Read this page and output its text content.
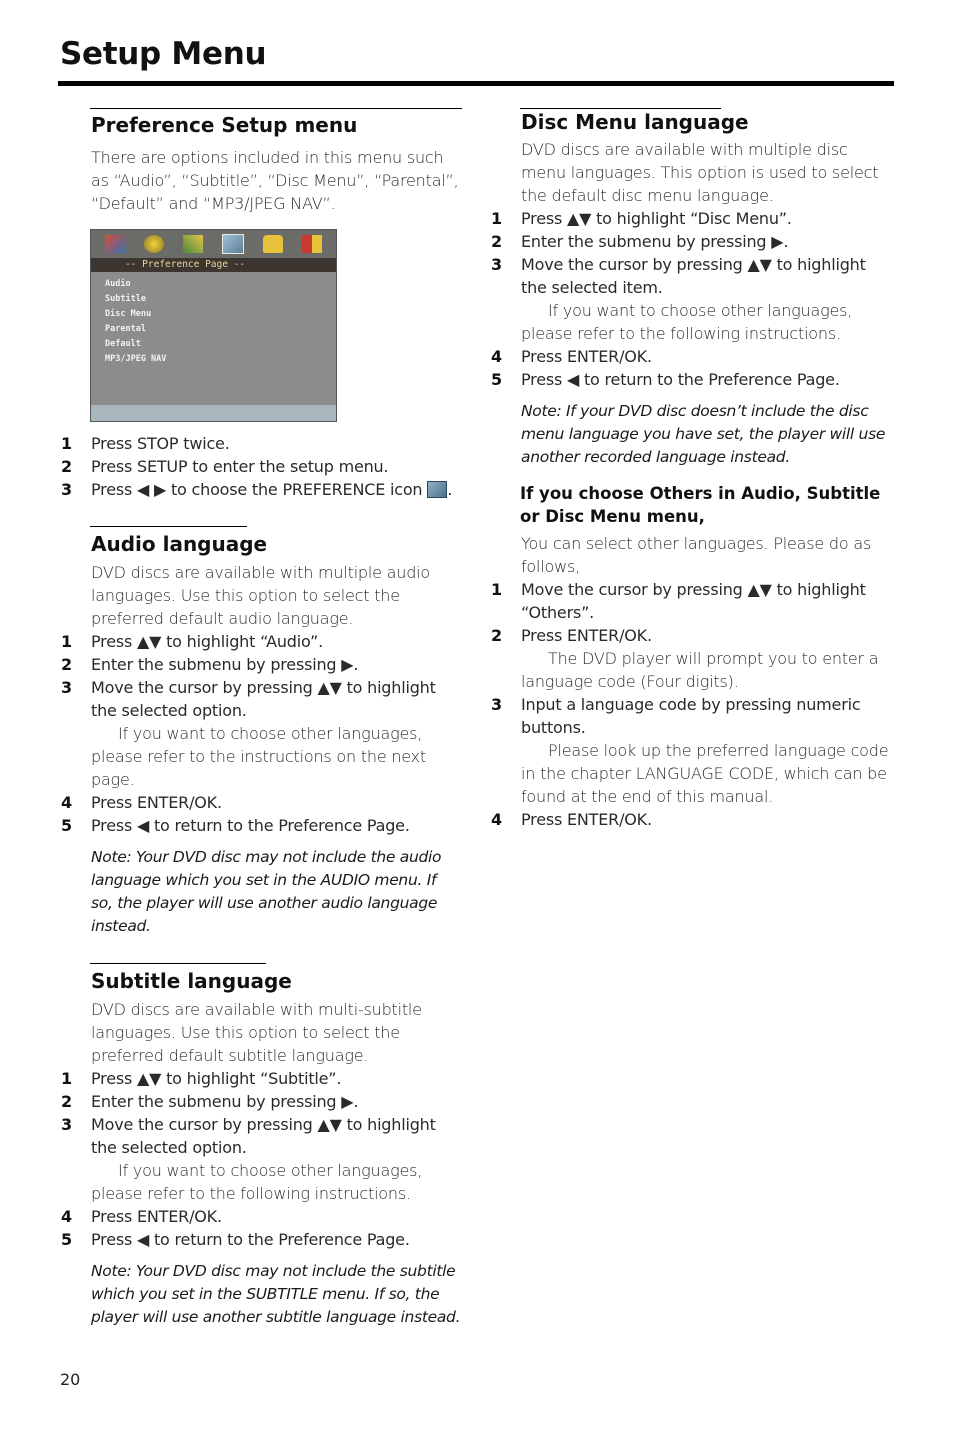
Setup Menu
Preference Setup menu

There are options included in this menu such as “Audio”, “Subtitle”, “Disc Menu”, “Parental”, “Default” and “MP3/JPEG NAV”.

-- Preference Page --
Audio
Subtitle
Disc Menu
Parental
Default
MP3/JPEG NAV
1	Press STOP twice.
2	Press SETUP to enter the setup menu.
3	Press ◀ ▶ to choose the PREFERENCE icon .
Audio language

DVD discs are available with multiple audio languages. Use this option to select the preferred default audio language.

1	Press ▲▼ to highlight “Audio”.
2	Enter the submenu by pressing ▶.
3	Move the cursor by pressing ▲▼ to highlight the selected option.

If you want to choose other languages, please refer to the instructions on the next page.

4	Press ENTER/OK.
5	Press ◀ to return to the Preference Page.

Note: Your DVD disc may not include the audio language which you set in the AUDIO menu. If so, the player will use another audio language instead.

Subtitle language

DVD discs are available with multi-subtitle languages. Use this option to select the preferred default subtitle language.

1	Press ▲▼ to highlight “Subtitle”.
2	Enter the submenu by pressing ▶.
3	Move the cursor by pressing ▲▼ to highlight the selected option.

If you want to choose other languages, please refer to the following instructions.

4	Press ENTER/OK.
5	Press ◀ to return to the Preference Page.

Note: Your DVD disc may not include the subtitle which you set in the SUBTITLE menu. If so, the player will use another subtitle language instead.

Disc Menu language

DVD discs are available with multiple disc menu languages. This option is used to select the default disc menu language.

1	Press ▲▼ to highlight “Disc Menu”.
2	Enter the submenu by pressing ▶.
3	Move the cursor by pressing ▲▼ to highlight the selected item.

If you want to choose other languages, please refer to the following instructions.

4	Press ENTER/OK.
5	Press ◀ to return to the Preference Page.

Note: If your DVD disc doesn’t include the disc menu language you have set, the player will use another recorded language instead.

If you choose Others in Audio, Subtitle or Disc Menu menu,

You can select other languages. Please do as follows,

1	Move the cursor by pressing ▲▼ to highlight “Others”.
2	Press ENTER/OK.

The DVD player will prompt you to enter a language code (Four digits).

3	Input a language code by pressing numeric buttons.

Please look up the preferred language code in the chapter LANGUAGE CODE, which can be found at the end of this manual.

4	Press ENTER/OK.
20
